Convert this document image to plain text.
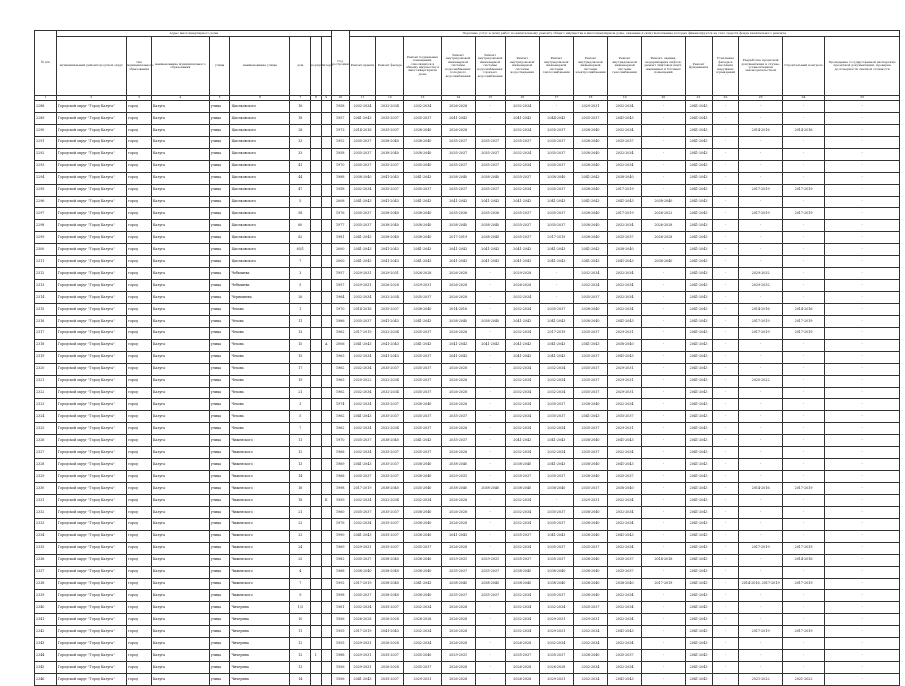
№ п/п	Адрес многоквартирного дома								Год постройки	Перечень услуг и (или) работ по капитальному ремонту общего имущества в многоквартирном доме, оказание и (или) выполнение которых финансируется за счет средств фонда капитального ремонта														
	муниципальный район/городской округ	тип муниципального образования	наименование муниципального образования	улица	наименование улицы	дом	корпус	литера		Ремонт крыши	Ремонт фасада	Ремонт подвальных помещений, относящихся к общему имуществу в многоквартирном доме	Ремонт внутридомовой инженерной системы водоснабжения: холодного водоснабжения	Ремонт внутридомовой инженерной системы водоснабжения: горячего водоснабжения	Ремонт внутридомовой инженерной системы водоотведения	Ремонт внутридомовой инженерной системы теплоснабжения	Ремонт внутридомовой инженерной системы электроснабжения	Ремонт внутридомовой инженерной системы газоснабжения	Ремонт, замена, модернизация лифтов, ремонт лифтовых шахт, машинных и блочных помещений	Ремонт фундамента	Утепление фасада и изоляция наружных ограждений	Разработка проектной документации в случае, установленном законодательством	Строительный контроль	Проведение государственной экспертизы проектной документации, проверка достоверности сметной стоимости
1	2	3	4	5	6	7	8	9	10	11	12	13	14	15	16	17	18	19	20	21	22	23	24	25
2288	Городской округ "Город Калуга"	город	Калуга	улица	Циолковского	16			1958	2032-2034	2032-2034	2032-2034	2026-2028	-	2032-2034	-	2029-2031	2032-2034	-	2041-2043	-	-	-	-
2289	Городской округ "Город Калуга"	город	Калуга	улица	Циолковского	18			1957	2041-2043	2035-2037	2035-2037	2041-2043	-	2041-2043	2044-2043	2035-2037	2041-2043	-	2041-2043	-	-	-	-
2290	Городской округ "Город Калуга"	город	Калуга	улица	Циолковского	28			1973	2014-2016	2035-2037	2038-2040	2026-2028	-	2032-2034	2035-2037	2038-2040	2032-2034	-	2041-2043	-	2014-2016	2014-2016	-
2291	Городской округ "Город Калуга"	город	Калуга	улица	Циолковского	33			1952	2035-2037	2038-2040	2038-2040	2035-2037	2035-2037	2035-2037	2035-2037	2038-2040	2035-2037	-	2041-2043	-	-	-	-
2292	Городской округ "Город Калуга"	город	Калуга	улица	Циолковского	33			1958	2035-2037	2038-2040	2038-2040	2035-2037	2035-2037	2032-2034	2035-2037	2038-2040	2032-2034	-	2041-2043	-	-	-	-
2293	Городской округ "Город Калуга"	город	Калуга	улица	Циолковского	41			1970	2035-2037	2035-2037	2035-2040	2035-2037	2035-2037	2032-2034	2035-2037	2038-2040	2032-2034	-	2041-2043	-	-	-	-
2294	Городской округ "Город Калуга"	город	Калуга	улица	Циолковского	44			1988	2038-2040	2041-2043	2041-2043	2038-2040	2038-2040	2035-2037	2038-2040	2041-2043	2038-2040	-	2041-2043	-	-	-	-
2295	Городской округ "Город Калуга"	город	Калуга	улица	Циолковского	47			1958	2032-2034	2035-2037	2035-2037	2035-2037	2035-2037	2032-2034	2035-2037	2038-2040	2017-2019	-	2041-2043	-	2017-2019	2017-2019	-
2296	Городской округ "Город Калуга"	город	Калуга	улица	Циолковского	5			2008	2041-2043	2041-2043	2041-2043	2041-2043	2041-2043	2041-2043	2041-2043	2041-2043	2041-2043	2038-2040	2041-2043	-	-	-	-
2297	Городской округ "Город Калуга"	город	Калуга	улица	Циолковского	58			1976	2035-2037	2038-2040	2038-2040	2035-2036	2035-2036	2035-2037	2035-2037	2038-2040	2017-2019	2026-2022	2041-2043	-	2017-2019	2017-2019	-
2298	Городской округ "Город Калуга"	город	Калуга	улица	Циолковского	60			1977	2035-2037	2038-2040	2038-2040	2038-2040	2038-2040	2035-2037	2035-2037	2038-2040	2032-2034	2026-2028	2041-2043	-	-	-	-
2299	Городской округ "Город Калуга"	город	Калуга	улица	Циолковского	62			1981	2041-2043	2038-2040	2038-2040	2017-2019	2038-2040	2035-2037	2017-2019	2038-2040	2035-2037	2026-2028	2041-2043	-	-	-	-
2300	Городской округ "Город Калуга"	город	Калуга	улица	Циолковского	65/1			2000	2041-2043	2041-2043	2041-2043	2041-2043	2041-2043	2041-2043	2041-2043	2041-2043	2038-2040	-	2041-2043	-	-	-	-
2311	Городской округ "Город Калуга"	город	Калуга	улица	Циолковского	7			2000	2041-2043	2041-2043	2041-2043	2041-2043	2041-2043	2041-2043	2041-2043	2041-2043	2041-2043	2038-2040	2041-2043	-	-	-	-
2312	Городской округ "Город Калуга"	город	Калуга	улица	Чебышева	3			1957	2029-2031	2029-2031	2026-2028	2026-2028	-	2029-2028	-	2032-2034	2032-2034	-	2041-2043	-	2029-2032	-	-
2313	Городской округ "Город Калуга"	город	Калуга	улица	Чебышева	5			1957	2029-2031	2026-2028	2029-2031	2026-2028	-	2026-2028	-	2032-2034	2032-2034	-	2041-2043	-	2029-2032	-	-
2314	Городской округ "Город Калуга"	город	Калуга	улица	Чернышева	26			1964	2032-2034	2032-2034	2035-2037	2026-2028	-	2032-2034	-	2035-2037	2032-2034	-	2041-2043	-	-	-	-
2315	Городской округ "Город Калуга"	город	Калуга	улица	Чехова	1			1970	2014-2016	2035-2037	2038-2040	2014-2016	-	2032-2034	2035-2037	2038-2040	2032-2034	-	2041-2043	-	2014-2016	2014-2016	-
2316	Городской округ "Город Калуга"	город	Калуга	улица	Чехова	11			1986	2035-2037	2041-2043	2041-2043	2038-2040	2038-2040	2041-2043	2041-2043	2038-2040	2041-2043	-	2041-2043	-	2017-2019	2017-2019	-
2317	Городской округ "Город Калуга"	город	Калуга	улица	Чехова	13			1962	2017-2019	2032-2034	2035-2037	2026-2028	-	2032-2034	2017-2019	2035-2037	2029-2031	-	2041-2043	-	2017-2019	2017-2019	-
2318	Городской округ "Город Калуга"	город	Калуга	улица	Чехова	15		А	2006	2041-2043	2041-2043	2041-2043	2041-2043	2041-2043	2041-2043	2041-2043	2041-2043	2038-2040	-	2041-2043	-	-	-	-
2319	Городской округ "Город Калуга"	город	Калуга	улица	Чехова	15			1963	2032-2034	2041-2043	2035-2037	2041-2043	-	2041-2043	2041-2043	2035-2037	2041-2043	-	2041-2043	-	-	-	-
2320	Городской округ "Город Калуга"	город	Калуга	улица	Чехова	17			1962	2032-2034	2035-2037	2035-2037	2026-2028	-	2032-2034	2032-2034	2035-2037	2029-2031	-	2041-2043	-	-	-	-
2321	Городской округ "Город Калуга"	город	Калуга	улица	Чехова	19			1963	2020-2022	2032-2034	2035-2037	2026-2028	-	2032-2034	2032-2034	2035-2037	2029-2031	-	2041-2043	-	2020-2022	-	-
2322	Городской округ "Город Калуга"	город	Калуга	улица	Чехова	21			1962	2032-2034	2032-2034	2035-2037	2026-2028	-	2032-2034	2032-2034	2035-2037	2029-2031	-	2041-2043	-	-	-	-
2323	Городской округ "Город Калуга"	город	Калуга	улица	Чехова	3			1974	2032-2034	2035-2037	2038-2040	2026-2028	-	2032-2034	2035-2037	2038-2040	2032-2034	-	2041-2043	-	-	-	-
2324	Городской округ "Город Калуга"	город	Калуга	улица	Чехова	5			1962	2041-2043	2035-2037	2035-2037	2035-2037	-	2032-2034	2035-2037	2041-2043	2035-2037	-	2041-2043	-	-	-	-
2325	Городской округ "Город Калуга"	город	Калуга	улица	Чехова	7			1962	2032-2034	2032-2034	2035-2037	2026-2028	-	2032-2034	2032-2034	2035-2037	2029-2031	-	2041-2043	-	-	-	-
2326	Городской округ "Город Калуга"	город	Калуга	улица	Чижевского	11			1970	2035-2037	2038-2040	2041-2043	2035-2037	-	2041-2043	2041-2043	2038-2040	2041-2043	-	2041-2043	-	-	-	-
2327	Городской округ "Город Калуга"	город	Калуга	улица	Чижевского	12			1968	2032-2034	2035-2037	2035-2037	2026-2028	-	2032-2034	2032-2034	2035-2037	2032-2034	-	2041-2043	-	-	-	-
2328	Городской округ "Город Калуга"	город	Калуга	улица	Чижевского	13			1969	2041-2043	2035-2037	2038-2040	2038-2040	-	2038-2040	2041-2043	2038-2040	2041-2043	-	2041-2043	-	-	-	-
2329	Городской округ "Город Калуга"	город	Калуга	улица	Чижевского	14			1968	2035-2037	2035-2037	2038-2040	2029-2031	-	2035-2037	2035-2037	2038-2040	2035-2037	-	2041-2043	-	-	-	-
2330	Городской округ "Город Калуга"	город	Калуга	улица	Чижевского	16			1998	2017-2019	2038-2040	2035-2040	2038-2040	2038-2040	2038-2040	2038-2040	2035-2037	2038-2040	-	2041-2043	-	2014-2016	2017-2019	-
2331	Городской округ "Город Калуга"	город	Калуга	улица	Чижевского	18		Б	1959	2032-2034	2032-2034	2032-2034	2026-2028	-	2032-2034	-	2029-2031	2032-2034	-	2041-2043	-	-	-	-
2332	Городской округ "Город Калуга"	город	Калуга	улица	Чижевского	21			1960	2035-2037	2035-2037	2038-2040	2026-2028	-	2032-2034	2035-2037	2038-2040	2032-2034	-	2041-2043	-	-	-	-
2333	Городской округ "Город Калуга"	город	Калуга	улица	Чижевского	22			1976	2032-2034	2035-2037	2038-2040	2026-2028	-	2032-2034	2035-2037	2038-2040	2032-2034	-	2041-2043	-	-	-	-
2334	Городской округ "Город Калуга"	город	Калуга	улица	Чижевского	23			1990	2041-2043	2035-2037	2038-2040	2041-2043	-	2035-2037	2041-2043	2038-2040	2041-2043	-	2041-2043	-	-	-	-
2335	Городской округ "Город Калуга"	город	Калуга	улица	Чижевского	24			1969	2029-2031	2035-2037	2035-2037	2026-2028	-	2032-2034	2035-2037	2035-2037	2032-2034	-	2041-2043	-	2017-2019	2017-2019	-
2336	Городской округ "Город Калуга"	город	Калуга	улица	Чижевского	25			1982	2035-2037	2038-2040	2038-2040	2029-2031	2029-2031	2035-2037	2035-2037	2038-2040	2035-2037	2014-2016	2041-2043	-	-	2014-2016	-
2337	Городской округ "Город Калуга"	город	Калуга	улица	Чижевского	4			1968	2038-2040	2038-2040	2038-2040	2035-2037	2035-2037	2038-2040	2038-2040	2038-2040	2035-2037	-	2041-2043	-	-	-	-
2338	Городской округ "Город Калуга"	город	Калуга	улица	Чижевского	7			1992	2017-2019	2038-2040	2041-2043	2038-2040	2038-2040	2038-2040	2038-2040	2038-2040	2038-2040	2017-2019	2041-2043	-	2014-2016, 2017-2019	2017-2019	-
2339	Городской округ "Город Калуга"	город	Калуга	улица	Чижевского	9			1998	2035-2037	2038-2040	2038-2040	2035-2037	2035-2037	2032-2034	2035-2037	2038-2040	2032-2034	-	2041-2043	-	-	-	-
2340	Городской округ "Город Калуга"	город	Калуга	улица	Чичерина	1/3			1961	2032-2034	2035-2037	2032-2034	2026-2028	-	2032-2034	2032-2034	2035-2037	2032-2034	-	2041-2043	-	-	-	-
2341	Городской округ "Город Калуга"	город	Калуга	улица	Чичерина	10			1956	2026-2028	2026-2028	2026-2028	2026-2028	-	2032-2034	2029-2031	2029-2031	2032-2034	-	2041-2043	-	-	-	-
2342	Городской округ "Город Калуга"	город	Калуга	улица	Чичерина	11			1955	2017-2019	2041-2043	2032-2034	2026-2028	-	2032-2034	2029-2031	2032-2034	2041-2043	-	2041-2043	-	2017-2019	2017-2019	-
2343	Городской округ "Город Калуга"	город	Калуга	улица	Чичерина	12			1955	2029-2031	2026-2028	2032-2034	2026-2028	-	2026-2028	2032-2034	2032-2034	2032-2034	-	2041-2043	-	-	-	-
2344	Городской округ "Город Калуга"	город	Калуга	улица	Чичерина	12	1		1988	2029-2031	2035-2037	2035-2040	2029-2031	-	2035-2037	2035-2037	2038-2040	2035-2037	-	2041-2043	-	-	-	-
2345	Городской округ "Город Калуга"	город	Калуга	улица	Чичерина	13			1956	2029-2031	2026-2028	2035-2037	2026-2028	-	2026-2028	2026-2028	2032-2034	2032-2034	-	2041-2043	-	-	-	-
2346	Городской округ "Город Калуга"	город	Калуга	улица	Чичерина	14			1956	2041-2043	2035-2037	2029-2031	2026-2028	-	2026-2028	2029-2031	2032-2034	2041-2043	-	2041-2043	-	2021-2022	2021-2022	-
